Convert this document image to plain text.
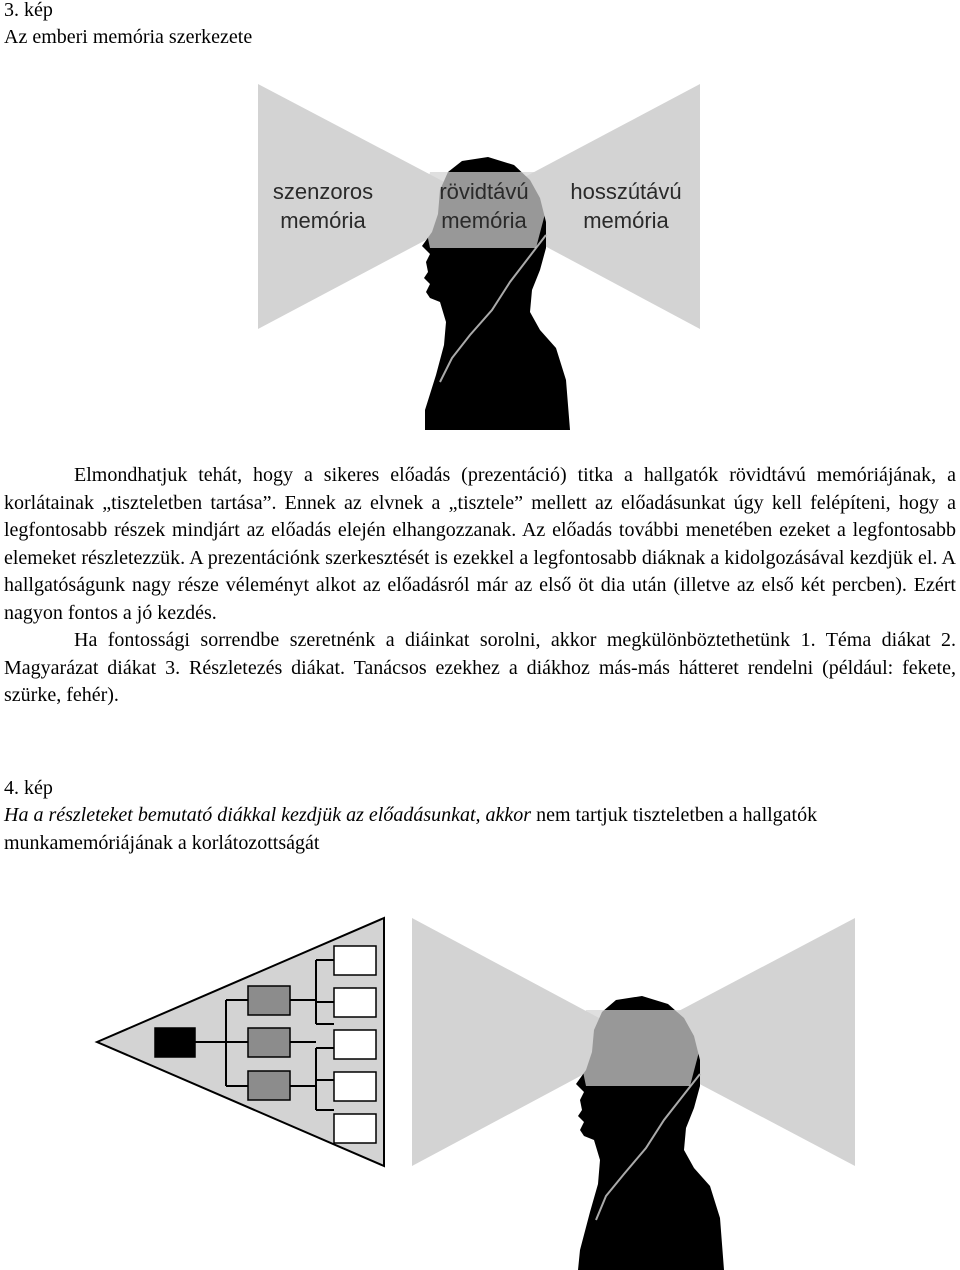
3. kép
Az emberi memória szerkezete
szenzoros
memória
rövidtávú
memória
hosszútávú
memória

Elmondhatjuk tehát, hogy a sikeres előadás (prezentáció) titka a hallgatók rövidtávú memóriájának, a korlátainak „tiszteletben tartása”. Ennek az elvnek a „tisztele” mellett az előadásunkat úgy kell felépíteni, hogy a legfontosabb részek mindjárt az előadás elején elhangozzanak. Az előadás további menetében ezeket a legfontosabb elemeket részletezzük. A prezentációnk szerkesztését is ezekkel a legfontosabb diáknak a kidolgozásával kezdjük el. A hallgatóságunk nagy része véleményt alkot az előadásról már az első öt dia után (illetve az első két percben). Ezért nagyon fontos a jó kezdés.

Ha fontossági sorrendbe szeretnénk a diáinkat sorolni, akkor megkülönböztethetünk 1. Téma diákat 2. Magyarázat diákat 3. Részletezés diákat. Tanácsos ezekhez a diákhoz más-más hátteret rendelni (például: fekete, szürke, fehér).

4. kép
Ha a részleteket bemutató diákkal kezdjük az előadásunkat, akkor nem tartjuk tiszteletben a hallgatók munkamemóriájának a korlátozottságát
